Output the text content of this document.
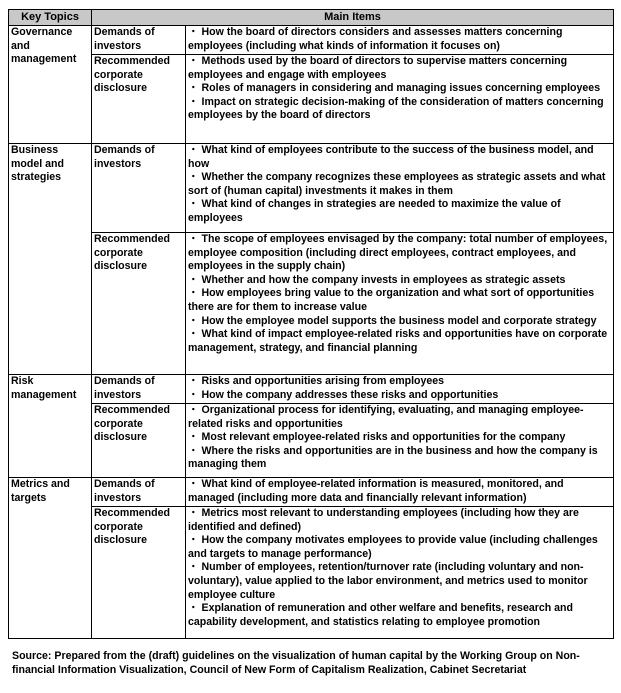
Key Topics	Main Items	
Governance and management	Demands of investors	・ How the board of directors considers and assesses matters concerning employees (including what kinds of information it focuses on)

	Recommended corporate disclosure	・ Methods used by the board of directors to supervise matters concerning employees and engage with employees
・ Roles of managers in considering and managing issues concerning employees
・ Impact on strategic decision-making of the consideration of matters concerning employees by the board of directors

Business model and strategies	Demands of investors	・ What kind of employees contribute to the success of the business model, and how
・ Whether the company recognizes these employees as strategic assets and what sort of (human capital) investments it makes in them
・ What kind of changes in strategies are needed to maximize the value of employees

	Recommended corporate disclosure	・ The scope of employees envisaged by the company: total number of employees, employee composition (including direct employees, contract employees, and employees in the supply chain)
・ Whether and how the company invests in employees as strategic assets
・ How employees bring value to the organization and what sort of opportunities there are for them to increase value
・ How the employee model supports the business model and corporate strategy
・ What kind of impact employee-related risks and opportunities have on corporate management, strategy, and financial planning

Risk management	Demands of investors	・ Risks and opportunities arising from employees
・ How the company addresses these risks and opportunities

	Recommended corporate disclosure	・ Organizational process for identifying, evaluating, and managing employee-related risks and opportunities
・ Most relevant employee-related risks and opportunities for the company
・ Where the risks and opportunities are in the business and how the company is managing them

Metrics and targets	Demands of investors	・ What kind of employee-related information is measured, monitored, and managed (including more data and financially relevant information)

	Recommended corporate disclosure	・ Metrics most relevant to understanding employees (including how they are identified and defined)
・ How the company motivates employees to provide value (including challenges and targets to manage performance)
・ Number of employees, retention/turnover rate (including voluntary and non-voluntary), value applied to the labor environment, and metrics used to monitor employee culture
・ Explanation of remuneration and other welfare and benefits, research and capability development, and statistics relating to employee promotion
Source: Prepared from the (draft) guidelines on the visualization of human capital by the Working Group on Non-financial Information Visualization, Council of New Form of Capitalism Realization, Cabinet Secretariat
